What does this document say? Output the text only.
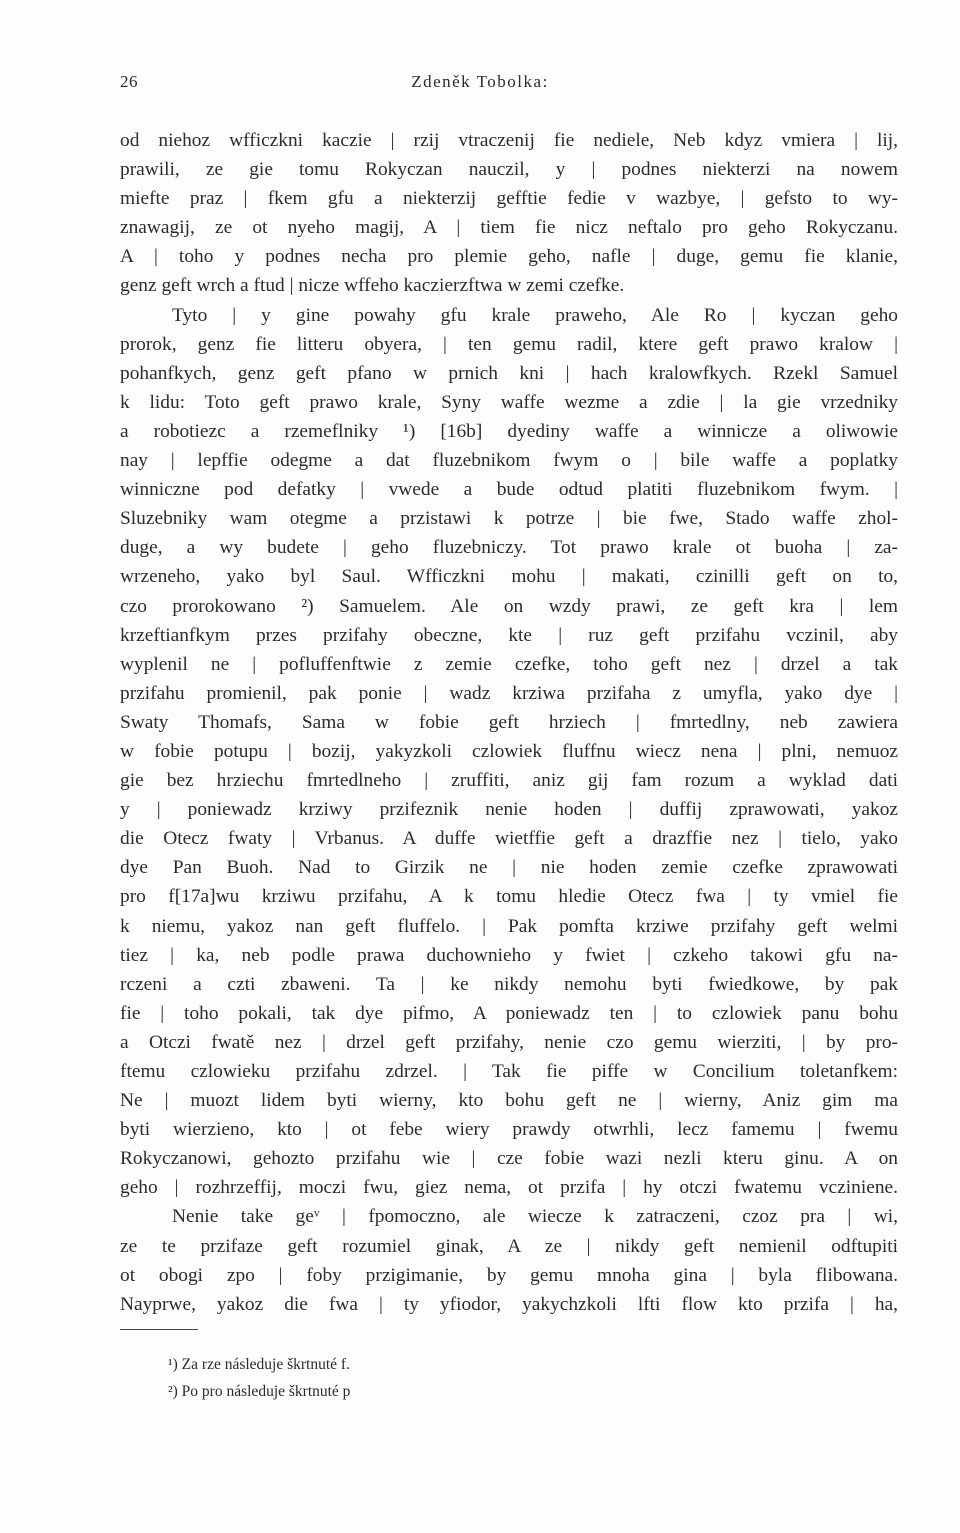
26	Zdeněk Tobolka:
od niehoz wfficzkni kaczie | rzij vtraczenij fie nediele, Neb kdyz vmiera | lij,
prawili, ze gie tomu Rokyczan nauczil, y | podnes niekterzi na nowem
miefte praz | fkem gfu a niekterzij gefftie fedie v wazbye, | gefsto to wy-
znawagij, ze ot nyeho magij, A | tiem fie nicz neftalo pro geho Rokyczanu.
A | toho y podnes necha pro plemie geho, nafle | duge, gemu fie klanie,
genz geft wrch a ftud | nicze wffeho kaczierzftwa w zemi czefke.
Tyto | y gine powahy gfu krale praweho, Ale Ro | kyczan geho
prorok, genz fie litteru obyera, | ten gemu radil, ktere geft prawo kralow |
pohanfkych, genz geft pfano w prnich kni | hach kralowfkych. Rzekl Samuel
k lidu: Toto geft prawo krale, Syny waffe wezme a zdie | la gie vrzedniky
a robotiezc a rzemeflniky ¹) [16b] dyediny waffe a winnicze a oliwowie
nay | lepffie odegme a dat fluzebnikom fwym o | bile waffe a poplatky
winniczne pod defatky | vwede a bude odtud platiti fluzebnikom fwym. |
Sluzebniky wam otegme a przistawi k potrze | bie fwe, Stado waffe zhol-
duge, a wy budete | geho fluzebniczy. Tot prawo krale ot buoha | za-
wrzeneho, yako byl Saul. Wfficzkni mohu | makati, czinilli geft on to,
czo prorokowano ²) Samuelem. Ale on wzdy prawi, ze geft kra | lem
krzeftianfkym przes przifahy obeczne, kte | ruz geft przifahu vczinil, aby
wyplenil ne | pofluffenftwie z zemie czefke, toho geft nez | drzel a tak
przifahu promienil, pak ponie | wadz krziwa przifaha z umyfla, yako dye |
Swaty Thomafs, Sama w fobie geft hrziech | fmrtedlny, neb zawiera
w fobie potupu | bozij, yakyzkoli czlowiek fluffnu wiecz nena | plni, nemuoz
gie bez hrziechu fmrtedlneho | zruffiti, aniz gij fam rozum a wyklad dati
y | poniewadz krziwy przifeznik nenie hoden | duffij zprawowati, yakoz
die Otecz fwaty | Vrbanus. A duffe wietffie geft a drazffie nez | tielo, yako
dye Pan Buoh. Nad to Girzik ne | nie hoden zemie czefke zprawowati
pro f[17a]wu krziwu przifahu, A k tomu hledie Otecz fwa | ty vmiel fie
k niemu, yakoz nan geft fluffelo. | Pak pomfta krziwe przifahy geft welmi
tiez | ka, neb podle prawa duchownieho y fwiet | czkeho takowi gfu na-
rczeni a czti zbaweni. Ta | ke nikdy nemohu byti fwiedkowe, by pak
fie | toho pokali, tak dye pifmo, A poniewadz ten | to czlowiek panu bohu
a Otczi fwatě nez | drzel geft przifahy, nenie czo gemu wierziti, | by pro-
ftemu czlowieku przifahu zdrzel. | Tak fie piffe w Concilium toletanfkem:
Ne | muozt lidem byti wierny, kto bohu geft ne | wierny, Aniz gim ma
byti wierzieno, kto | ot febe wiery prawdy otwrhli, lecz famemu | fwemu
Rokyczanowi, gehozto przifahu wie | cze fobie wazi nezli kteru ginu. A on
geho | rozhrzeffij, moczi fwu, giez nema, ot przifa | hy otczi fwatemu vcziniene.
Nenie take geᵛ | fpomoczno, ale wiecze k zatraczeni, czoz pra | wi,
ze te przifaze geft rozumiel ginak, A ze | nikdy geft nemienil odftupiti
ot obogi zpo | foby przigimanie, by gemu mnoha gina | byla flibowana.
Nayprwe, yakoz die fwa | ty yfiodor, yakychzkoli lfti flow kto przifa | ha,
¹) Za rze následuje škrtnuté f.
²) Po pro následuje škrtnuté p
